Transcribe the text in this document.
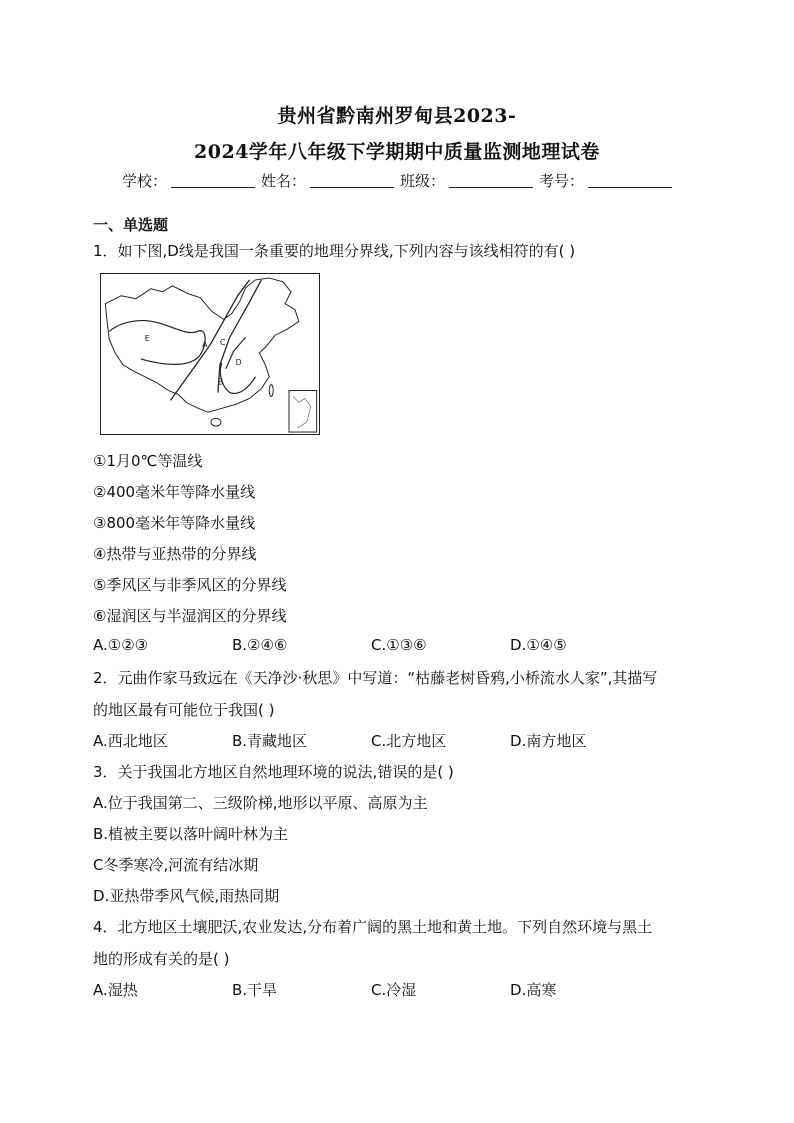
贵州省黔南州罗甸县2023-
2024学年八年级下学期期中质量监测地理试卷
学校：	姓名：	班级：	考号：
一、单选题
1．如下图,D线是我国一条重要的地理分界线,下列内容与该线相符的有( )
E
A C
D
B
①1月0℃等温线
②400毫米年等降水量线
③800毫米年等降水量线
④热带与亚热带的分界线
⑤季风区与非季风区的分界线
⑥湿润区与半湿润区的分界线
A.①②③	B.②④⑥	C.①③⑥	D.①④⑤
2．元曲作家马致远在《天净沙·秋思》中写道：“枯藤老树昏鸦,小桥流水人家”,其描写
的地区最有可能位于我国( )
A.西北地区	B.青藏地区	C.北方地区	D.南方地区
3．关于我国北方地区自然地理环境的说法,错误的是( )
A.位于我国第二、三级阶梯,地形以平原、高原为主
B.植被主要以落叶阔叶林为主
C冬季寒冷,河流有结冰期
D.亚热带季风气候,雨热同期
4．北方地区土壤肥沃,农业发达,分布着广阔的黑土地和黄土地。下列自然环境与黑土
地的形成有关的是( )
A.湿热	B.干旱	C.冷湿	D.高寒
